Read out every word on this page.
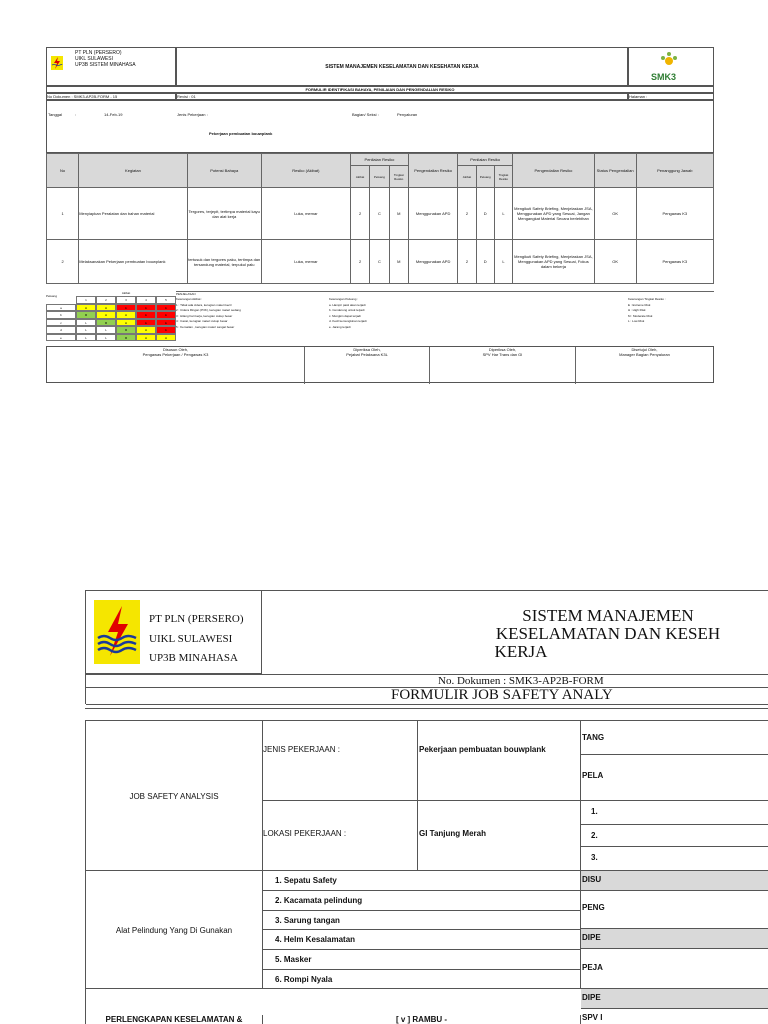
PT PLN (PERSERO)
UIKL SULAWESI
UP3B SISTEM MINAHASA	SISTEM MANAJEMEN KESELAMATAN DAN KESEHATAN KERJA
SMK3
FORMULIR IDENTIFIKASI BAHAYA, PENILAIAN DAN PENGENDALIAN RESIKO
No Dokumen : SMK3-AP2B-FORM - 15	Revisi : 01	Halaman :
Tanggal	:	14-Feb-19	Jenis Pekerjaan :
Pekerjaan pembuatan bouwplank
Bagian/ Seksi :	Penyaluran
No	Kegiatan	Potensi Bahaya	Resiko (Akibat)	Penilaian Resiko			Pengendalian Resiko	Penilaian Resiko			Pengendalian Resiko	Status Pengendalian	Penanggung Jawab
				Akibat	Peluang	Tingkat Resiko		Akibat	Peluang	Tingkat Resiko			
1	Menyiapkan Peralatan dan bahan material	Tergores, terjepit, tertimpa material kayu dan alat kerja	Luka, memar	2	C	M	Menggunakan APD	2	D	L	Mengikuti Safety Briefing, Menjelaskan JSA, Menggunakan APD yang Sesuai, Jangan Mengangkat Material Secara berlebihan	OK	Pengawas K3
2	Melaksanakan Pekerjaan pembuatan bouwplank	tertusuk dan tergores paku, tertimpa dan tersandung material, terpukul palu	Luka, memar	2	C	M	Menggunakan APD	2	D	L	Mengikuti Safety Briefing, Menjelaskan JSA, Menggunakan APD yang Sesuai, Fokus dalam bekerja	OK	Pengawas K3
Peluang
Akibat
1	2	3	4	5
a	H	H	E	E	E
b	M	H	H	E	E
c	L	M	H	E	E
d	L	L	M	H	E
e	L	L	M	H	H
PENJELASAN
Keterangan Akibat :
1 : Tidak ada cidera, kerugian materi kecil
2 : Cidera Ringan (P3K), kerugian materi sedang
3 : Hilang hari kerja, kerugian cukup besar
4 : Cacat, kerugian materi cukup besar
5 : Kematian , kerugian materi sangat besar
Keterangan Peluang :
a. Hampir pasti akan terjadi
b. Cenderung untuk terjadi
c. Mungkin dapat terjadi
d. Kecil kemungkinan terjadi
e. Jarang terjadi
Keterangan Tingkat Resiko :
E : Extreme Risk
H : High Risk
M : Moderate Risk
L : Low Risk
Disusun Oleh,
Pengawas Pekerjaan / Pengawas K3
Diperiksa Oleh,
Pejabat Pelaksana K3L
Diperiksa Oleh,
SPV Har Trans dan GI
Disetujui Oleh,
Manager Bagian Penyaluran
PT PLN (PERSERO)
UIKL SULAWESI
UP3B MINAHASA
SISTEM MANAJEMEN
KESELAMATAN DAN KESEH
KERJA
No. Dokumen : SMK3-AP2B-FORM
FORMULIR JOB SAFETY ANALY
JOB SAFETY ANALYSIS
JENIS PEKERJAAN :	Pekerjaan pembuatan bouwplank
LOKASI PEKERJAAN :	GI Tanjung Merah
TANG
PELA
1.
2.
3.
Alat Pelindung Yang Di Gunakan
1. Sepatu Safety
2. Kacamata pelindung
3. Sarung tangan
4. Helm Kesalamatan
5. Masker
6. Rompi Nyala
DISU
PENG
DIPE
PEJA
PERLENGKAPAN KESELAMATAN &	[ v ] RAMBU -
DIPE
SPV I
